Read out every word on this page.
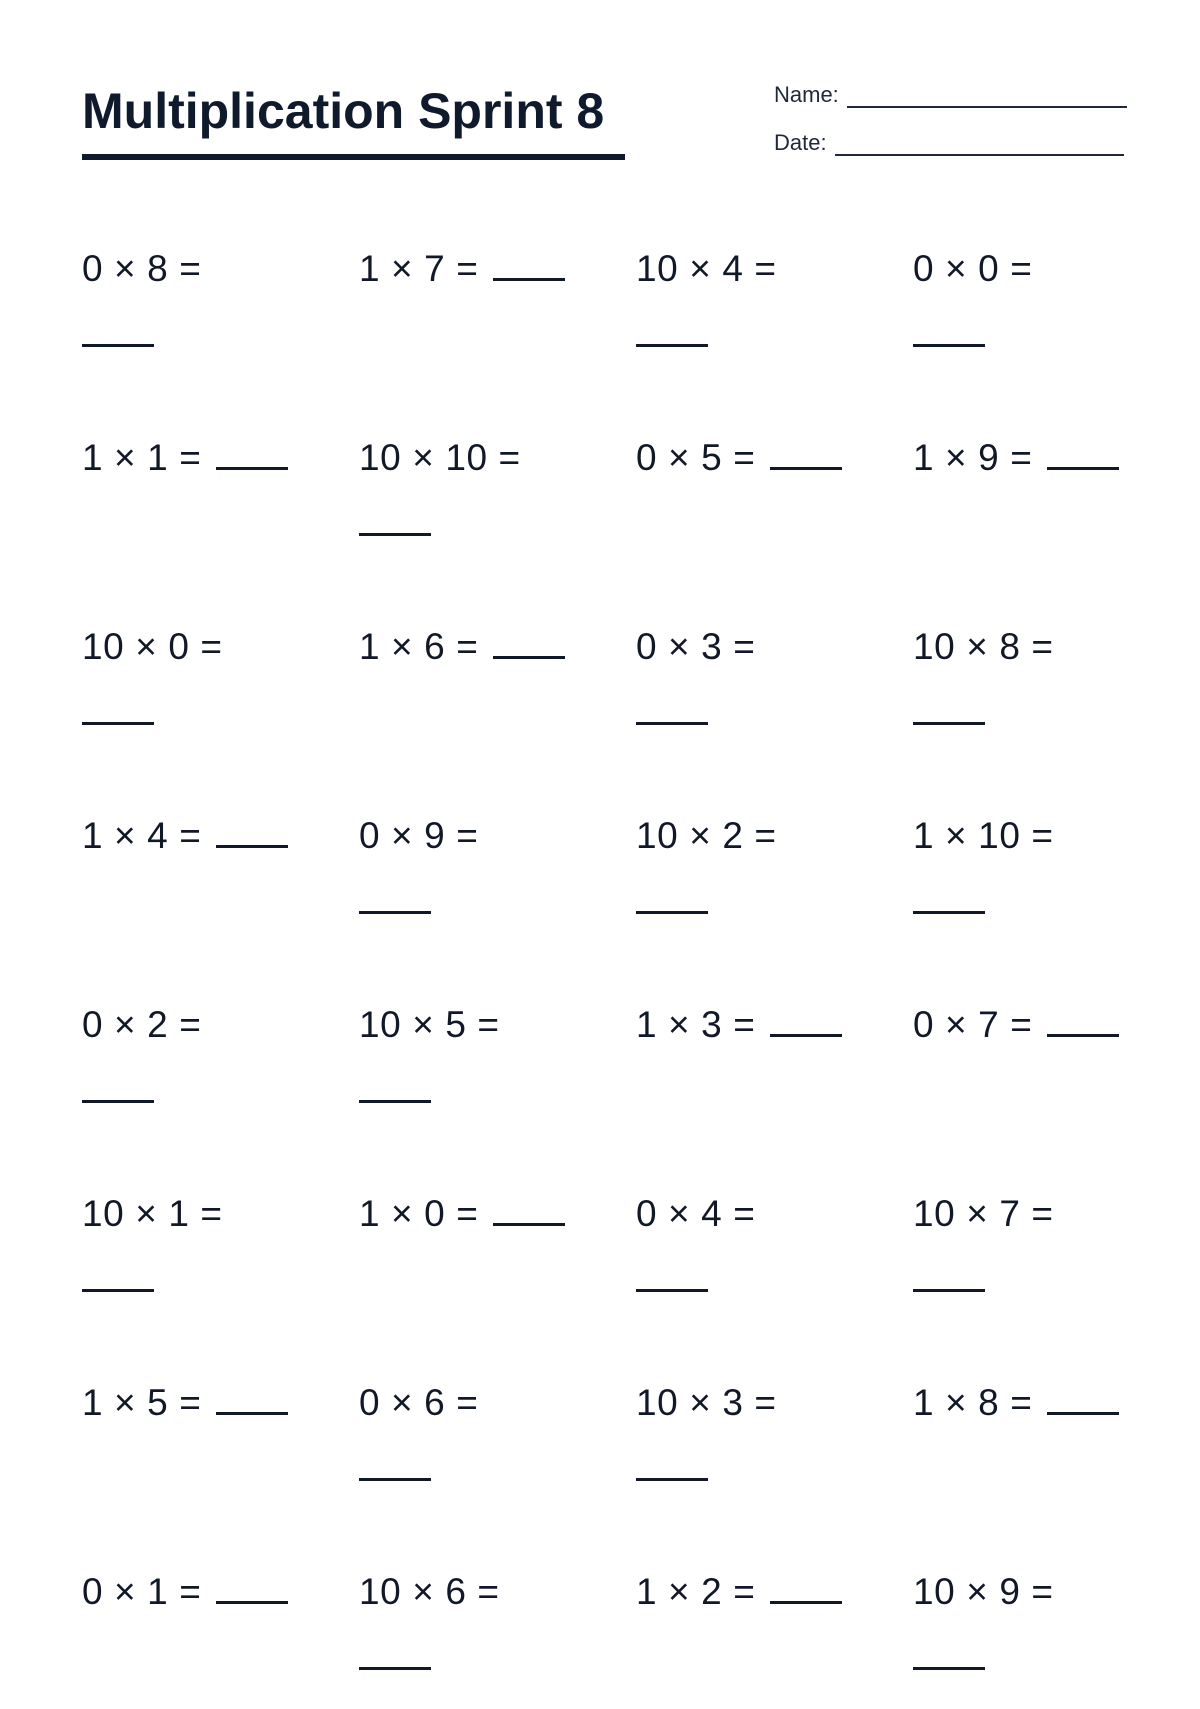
Multiplication Sprint 8	Name:
Date:
0 × 8 =	1 × 7 =	10 × 4 =	0 × 0 =

1 × 1 =	10 × 10 =	0 × 5 =	1 × 9 =
10 × 0 =	1 × 6 =	0 × 3 =	10 × 8 =

1 × 4 =	0 × 9 =	10 × 2 =	1 × 10 =

0 × 2 =	10 × 5 =	1 × 3 =	0 × 7 =
10 × 1 =	1 × 0 =	0 × 4 =	10 × 7 =

1 × 5 =	0 × 6 =	10 × 3 =	1 × 8 =
0 × 1 =	10 × 6 =	1 × 2 =	10 × 9 =
